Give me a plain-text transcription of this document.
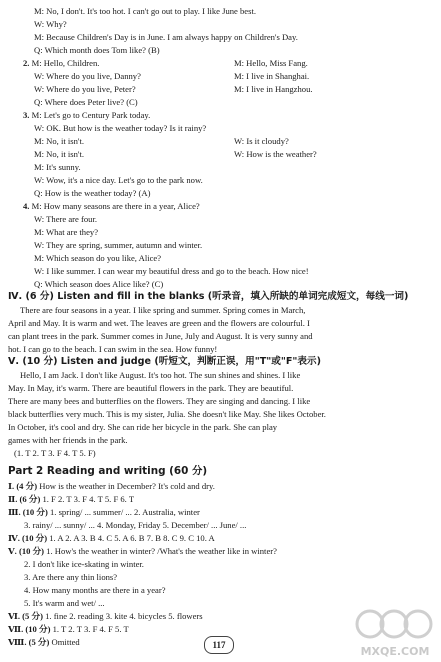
M: No, I don't. It's too hot. I can't go out to play. I like June best.
W: Why?
M: Because Children's Day is in June. I am always happy on Children's Day.
Q: Which month does Tom like? (B)
2. M: Hello, Children.	M: Hello, Miss Fang.
W: Where do you live, Danny?	M: I live in Shanghai.
W: Where do you live, Peter?	M: I live in Hangzhou.
Q: Where does Peter live? (C)
3. M: Let's go to Century Park today.
W: OK. But how is the weather today? Is it rainy?
M: No, it isn't.	W: Is it cloudy?
M: No, it isn't.	W: How is the weather?
M: It's sunny.
W: Wow, it's a nice day. Let's go to the park now.
Q: How is the weather today? (A)
4. M: How many seasons are there in a year, Alice?
W: There are four.
M: What are they?
W: They are spring, summer, autumn and winter.
M: Which season do you like, Alice?
W: I like summer. I can wear my beautiful dress and go to the beach. How nice!
Q: Which season does Alice like? (C)
Ⅳ. (6 分) Listen and fill in the blanks (听录音，填入所缺的单词完成短文，每线一词)
There are four seasons in a year. I like spring and summer. Spring comes in March,
April and May. It is warm and wet. The leaves are green and the flowers are colourful. I
can plant trees in the park. Summer comes in June, July and August. It is very sunny and
hot. I can go to the beach. I can swim in the sea. How funny!
Ⅴ. (10 分) Listen and judge (听短文，判断正误，用"T"或"F"表示)
Hello, I am Jack. I don't like August. It's too hot. The sun shines and shines. I like
May. In May, it's warm. There are beautiful flowers in the park. They are beautiful.
There are many bees and butterflies on the flowers. They are singing and dancing. I like
black butterflies very much. This is my sister, Julia. She doesn't like May. She likes October.
In October, it's cool and dry. She can ride her bicycle in the park. She can play
games with her friends in the park.
(1. T 2. T 3. F 4. T 5. F)
Part 2 Reading and writing (60 分)
Ⅰ. (4 分) How is the weather in December? It's cold and dry.
Ⅱ. (6 分) 1. F 2. T 3. F 4. T 5. F 6. T
Ⅲ. (10 分) 1. spring/ ... summer/ ... 2. Australia, winter
3. rainy/ ... sunny/ ... 4. Monday, Friday 5. December/ ... June/ ...
Ⅳ. (10 分) 1. A 2. A 3. B 4. C 5. A 6. B 7. B 8. C 9. C 10. A
Ⅴ. (10 分) 1. How's the weather in winter? /What's the weather like in winter?
2. I don't like ice-skating in winter.
3. Are there any thin lions?
4. How many months are there in a year?
5. It's warm and wet/ ...
Ⅵ. (5 分) 1. fine 2. reading 3. kite 4. bicycles 5. flowers
Ⅶ. (10 分) 1. T 2. T 3. F 4. F 5. T
Ⅷ. (5 分) Omitted	117	MXQE.COM
